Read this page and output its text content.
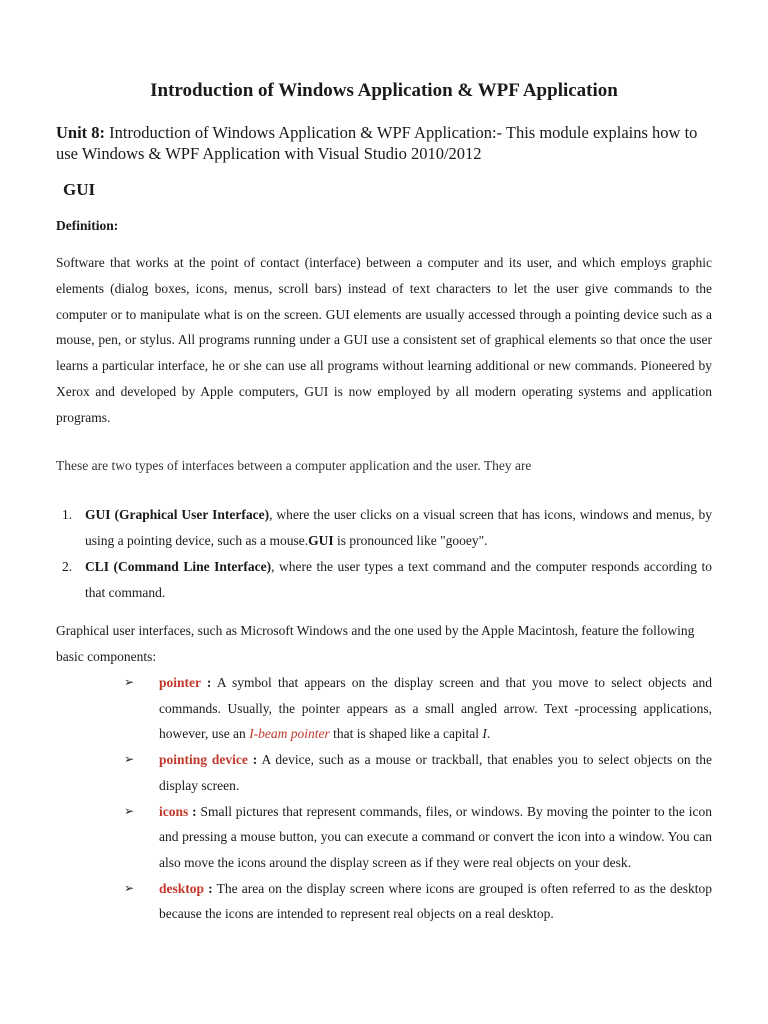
Introduction of Windows Application & WPF Application

Unit 8: Introduction of Windows Application & WPF Application:- This module explains how to use Windows & WPF Application with Visual Studio 2010/2012

GUI
Definition:

Software that works at the point of contact (interface) between a computer and its user, and which employs graphic elements (dialog boxes, icons, menus, scroll bars) instead of text characters to let the user give commands to the computer or to manipulate what is on the screen. GUI elements are usually accessed through a pointing device such as a mouse, pen, or stylus. All programs running under a GUI use a consistent set of graphical elements so that once the user learns a particular interface, he or she can use all programs without learning additional or new commands. Pioneered by Xerox and developed by Apple computers, GUI is now employed by all modern operating systems and application programs.

These are two types of interfaces between a computer application and the user. They are

1. GUI (Graphical User Interface), where the user clicks on a visual screen that has icons, windows and menus, by using a pointing device, such as a mouse.GUI is pronounced like "gooey".
2. CLI (Command Line Interface), where the user types a text command and the computer responds according to that command.

Graphical user interfaces, such as Microsoft Windows and the one used by the Apple Macintosh, feature the following basic components:

➢ pointer : A symbol that appears on the display screen and that you move to select objects and commands. Usually, the pointer appears as a small angled arrow. Text -processing applications, however, use an I-beam pointer that is shaped like a capital I.
➢ pointing device : A device, such as a mouse or trackball, that enables you to select objects on the display screen.
➢ icons : Small pictures that represent commands, files, or windows. By moving the pointer to the icon and pressing a mouse button, you can execute a command or convert the icon into a window. You can also move the icons around the display screen as if they were real objects on your desk.
➢ desktop : The area on the display screen where icons are grouped is often referred to as the desktop because the icons are intended to represent real objects on a real desktop.
